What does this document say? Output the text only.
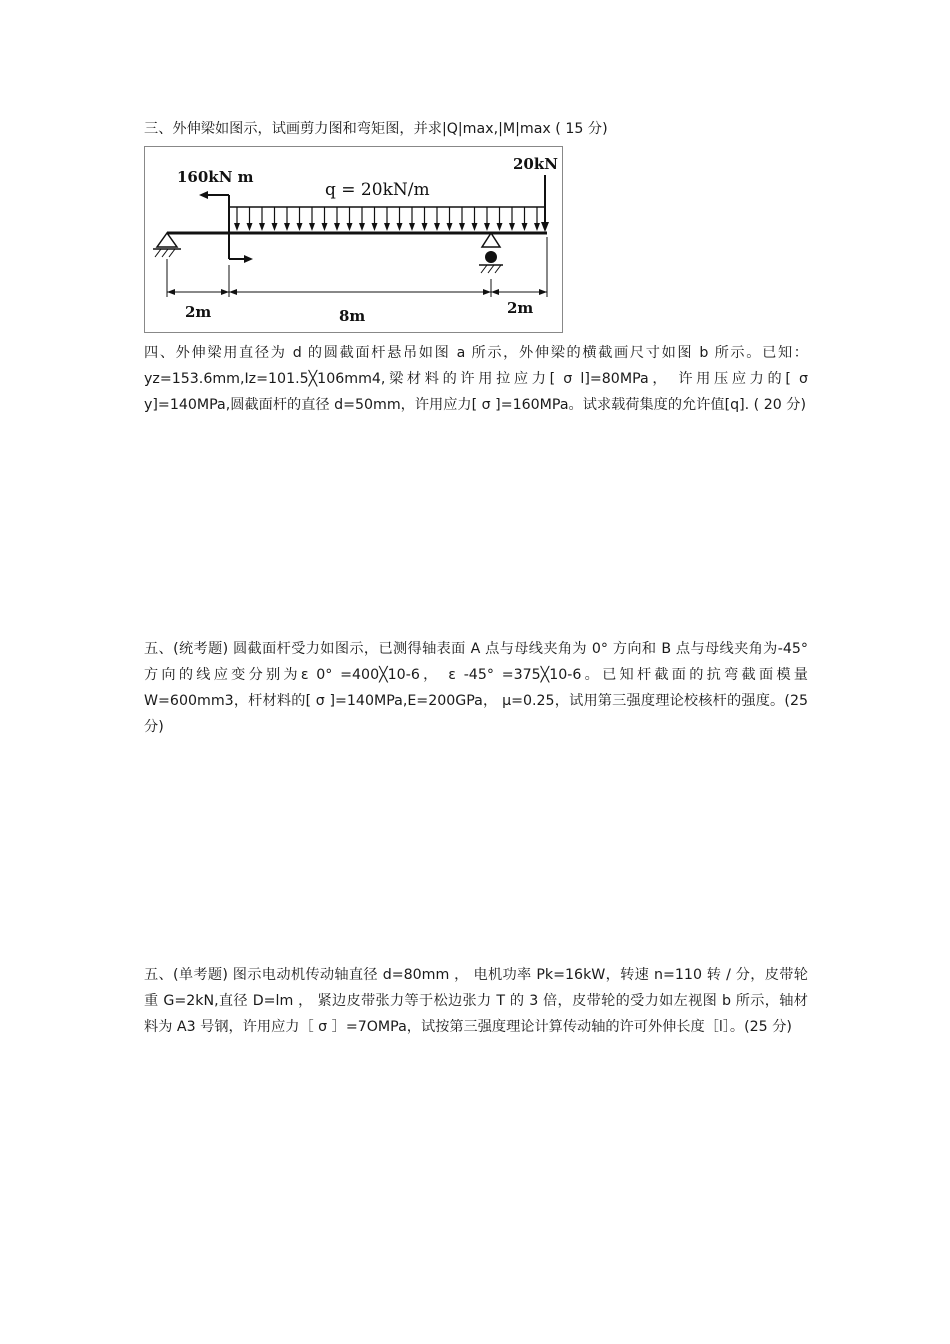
三、外伸梁如图示，试画剪力图和弯矩图，并求|Q|max,|M|max ( 15 分)
160kN m
q = 20kN/m
20kN
2m	8m	2m
四、外伸梁用直径为 d 的圆截面杆悬吊如图 a 所示，外伸梁的横截画尺寸如图 b 所示。已知：yz=153.6mm,Iz=101.5╳106mm4,梁材料的许用拉应力[ σ l]=80MPa， 许用压应力的[ σ y]=140MPa,圆截面杆的直径 d=50mm，许用应力[ σ ]=160MPa。试求载荷集度的允许值[q]. ( 20 分)
五、(统考题) 圆截面杆受力如图示，已测得轴表面 A 点与母线夹角为 0° 方向和 B 点与母线夹角为-45° 方向的线应变分别为ε 0° =400╳10-6， ε -45° =375╳10-6。已知杆截面的抗弯截面模量 W=600mm3，杆材料的[ σ ]=140MPa,E=200GPa， μ=0.25，试用第三强度理论校核杆的强度。(25 分)
五、(单考题) 图示电动机传动轴直径 d=80mm ， 电机功率 Pk=16kW，转速 n=110 转 / 分，皮带轮重 G=2kN,直径 D=lm ， 紧边皮带张力等于松边张力 T 的 3 倍，皮带轮的受力如左视图 b 所示，轴材料为 A3 号钢，许用应力［ σ ］=7OMPa，试按第三强度理论计算传动轴的许可外伸长度［l］。(25 分)
